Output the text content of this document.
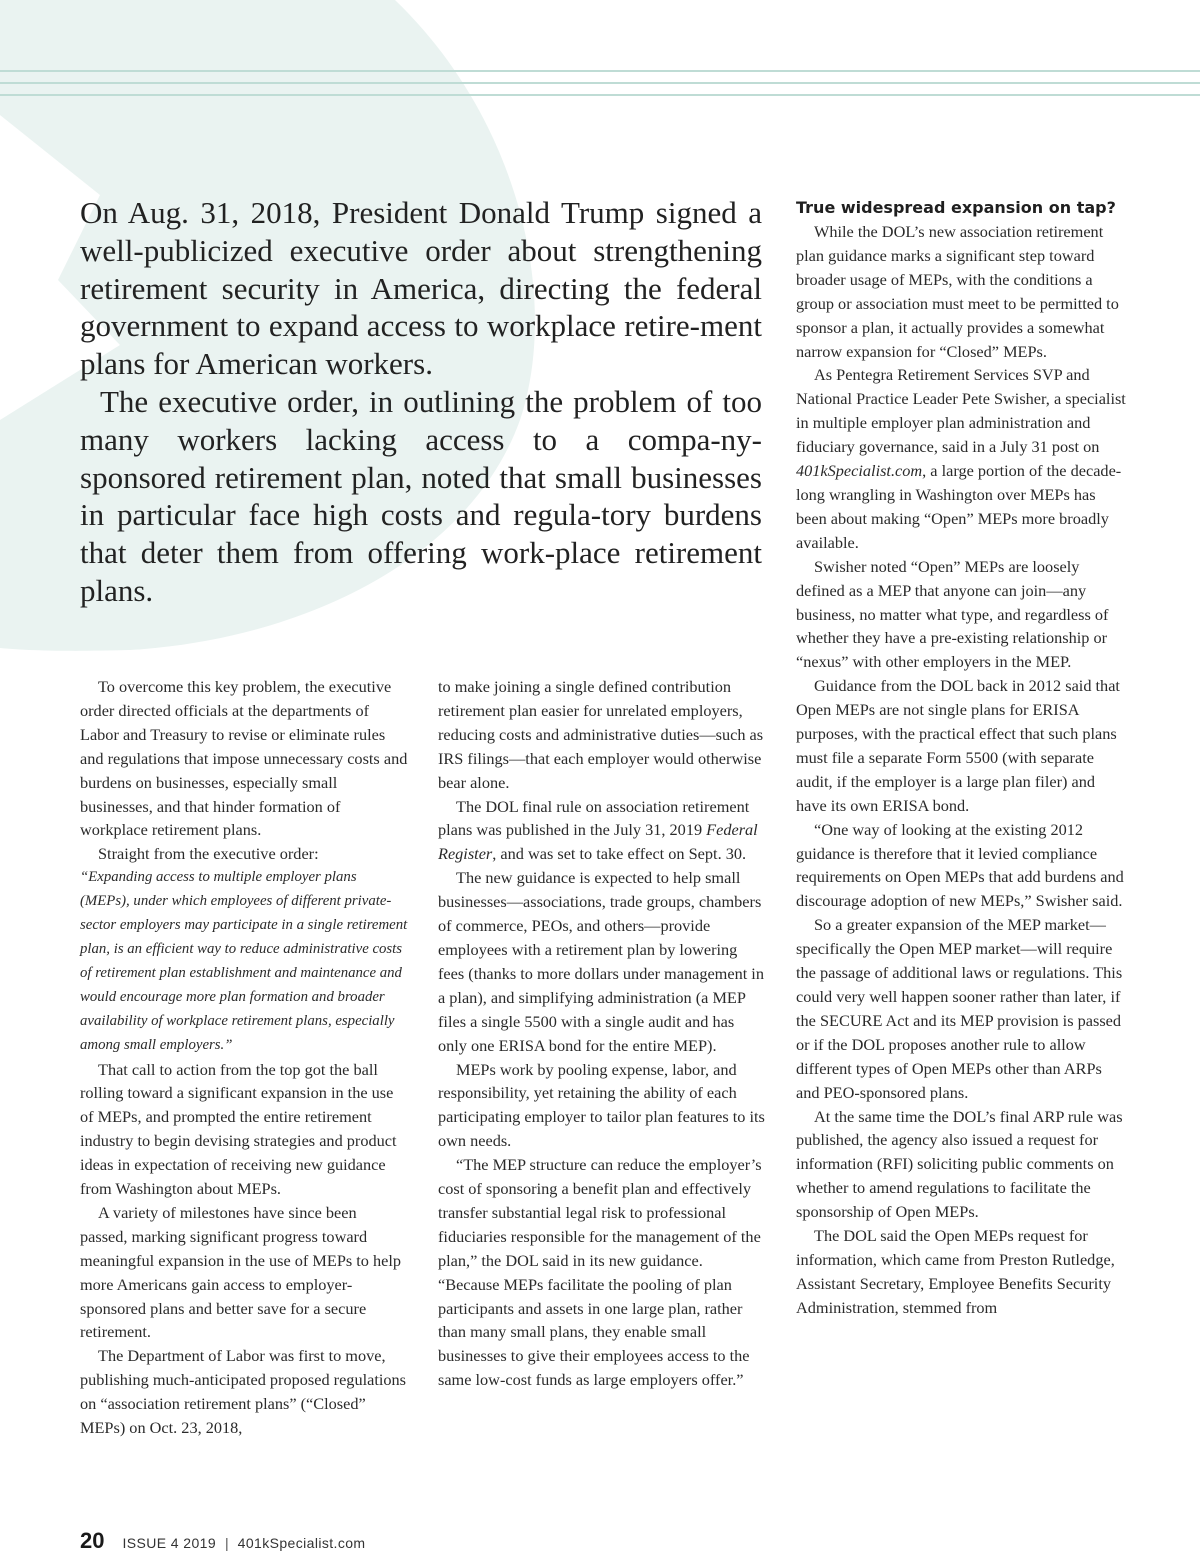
On Aug. 31, 2018, President Donald Trump signed a well-publicized executive order about strengthening retirement security in America, directing the federal government to expand access to workplace retire-ment plans for American workers.

The executive order, in outlining the problem of too many workers lacking access to a compa-ny-sponsored retirement plan, noted that small businesses in particular face high costs and regula-tory burdens that deter them from offering work-place retirement plans.

To overcome this key problem, the executive order directed officials at the departments of Labor and Treasury to revise or eliminate rules and regulations that impose unnecessary costs and burdens on businesses, especially small businesses, and that hinder formation of workplace retirement plans.

Straight from the executive order:

“Expanding access to multiple employer plans (MEPs), under which employees of different private-sector employers may participate in a single retirement plan, is an efficient way to reduce administrative costs of retirement plan establishment and maintenance and would encourage more plan formation and broader availability of workplace retirement plans, especially among small employers.”

That call to action from the top got the ball rolling toward a significant expansion in the use of MEPs, and prompted the entire retirement industry to begin devising strategies and product ideas in expectation of receiving new guidance from Washington about MEPs.

A variety of milestones have since been passed, marking significant progress toward meaningful expansion in the use of MEPs to help more Americans gain access to employer-sponsored plans and better save for a secure retirement.

The Department of Labor was first to move, publishing much-anticipated proposed regulations on “association retirement plans” (“Closed” MEPs) on Oct. 23, 2018,

to make joining a single defined contribution retirement plan easier for unrelated employers, reducing costs and administrative duties—such as IRS filings—that each employer would otherwise bear alone.

The DOL final rule on association retirement plans was published in the July 31, 2019 Federal Register, and was set to take effect on Sept. 30.

The new guidance is expected to help small businesses—associations, trade groups, chambers of commerce, PEOs, and others—provide employees with a retirement plan by lowering fees (thanks to more dollars under management in a plan), and simplifying administration (a MEP files a single 5500 with a single audit and has only one ERISA bond for the entire MEP).

MEPs work by pooling expense, labor, and responsibility, yet retaining the ability of each participating employer to tailor plan features to its own needs.

“The MEP structure can reduce the employer’s cost of sponsoring a benefit plan and effectively transfer substantial legal risk to professional fiduciaries responsible for the management of the plan,” the DOL said in its new guidance. “Because MEPs facilitate the pooling of plan participants and assets in one large plan, rather than many small plans, they enable small businesses to give their employees access to the same low-cost funds as large employers offer.”

True widespread expansion on tap?

While the DOL’s new association retirement plan guidance marks a significant step toward broader usage of MEPs, with the conditions a group or association must meet to be permitted to sponsor a plan, it actually provides a somewhat narrow expansion for “Closed” MEPs.

As Pentegra Retirement Services SVP and National Practice Leader Pete Swisher, a specialist in multiple employer plan administration and fiduciary governance, said in a July 31 post on 401kSpecialist.com, a large portion of the decade-long wrangling in Washington over MEPs has been about making “Open” MEPs more broadly available.

Swisher noted “Open” MEPs are loosely defined as a MEP that anyone can join—any business, no matter what type, and regardless of whether they have a pre-existing relationship or “nexus” with other employers in the MEP.

Guidance from the DOL back in 2012 said that Open MEPs are not single plans for ERISA purposes, with the practical effect that such plans must file a separate Form 5500 (with separate audit, if the employer is a large plan filer) and have its own ERISA bond.

“One way of looking at the existing 2012 guidance is therefore that it levied compliance requirements on Open MEPs that add burdens and discourage adoption of new MEPs,” Swisher said.

So a greater expansion of the MEP market—specifically the Open MEP market—will require the passage of additional laws or regulations. This could very well happen sooner rather than later, if the SECURE Act and its MEP provision is passed or if the DOL proposes another rule to allow different types of Open MEPs other than ARPs and PEO-sponsored plans.

At the same time the DOL’s final ARP rule was published, the agency also issued a request for information (RFI) soliciting public comments on whether to amend regulations to facilitate the sponsorship of Open MEPs.

The DOL said the Open MEPs request for information, which came from Preston Rutledge, Assistant Secretary, Employee Benefits Security Administration, stemmed from

20 ISSUE 4 2019 | 401kSpecialist.com
